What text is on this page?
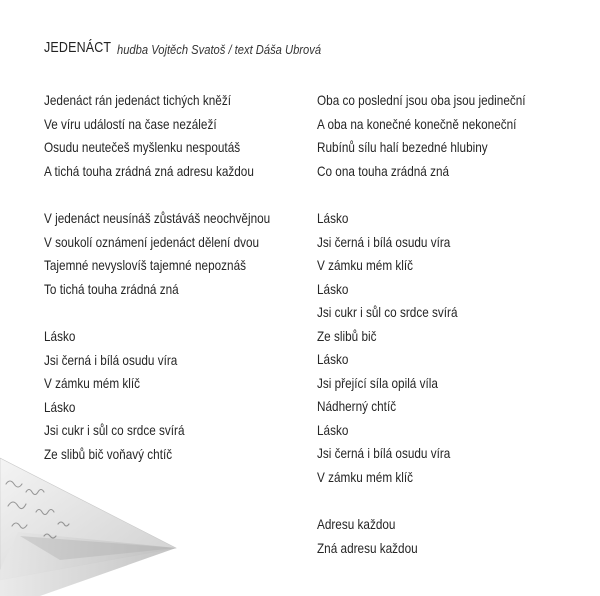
JEDENÁCT hudba Vojtěch Svatoš / text Dáša Ubrová
Jedenáct rán jedenáct tichých kněží
Ve víru událostí na čase nezáleží
Osudu neutečeš myšlenku nespoutáš
A tichá touha zrádná zná adresu každou
V jedenáct neusínáš zůstáváš neochvějnou
V soukolí oznámení jedenáct dělení dvou
Tajemné nevyslovíš tajemné nepoznáš
To tichá touha zrádná zná
Lásko
Jsi černá i bílá osudu víra
V zámku mém klíč
Lásko
Jsi cukr i sůl co srdce svírá
Ze slibů bič voňavý chtíč
Oba co poslední jsou oba jsou jedineční
A oba na konečné konečně nekoneční
Rubínů sílu halí bezedné hlubiny
Co ona touha zrádná zná
Lásko
Jsi černá i bílá osudu víra
V zámku mém klíč
Lásko
Jsi cukr i sůl co srdce svírá
Ze slibů bič
Lásko
Jsi přející síla opilá víla
Nádherný chtíč
Lásko
Jsi černá i bílá osudu víra
V zámku mém klíč
Adresu každou
Zná adresu každou
